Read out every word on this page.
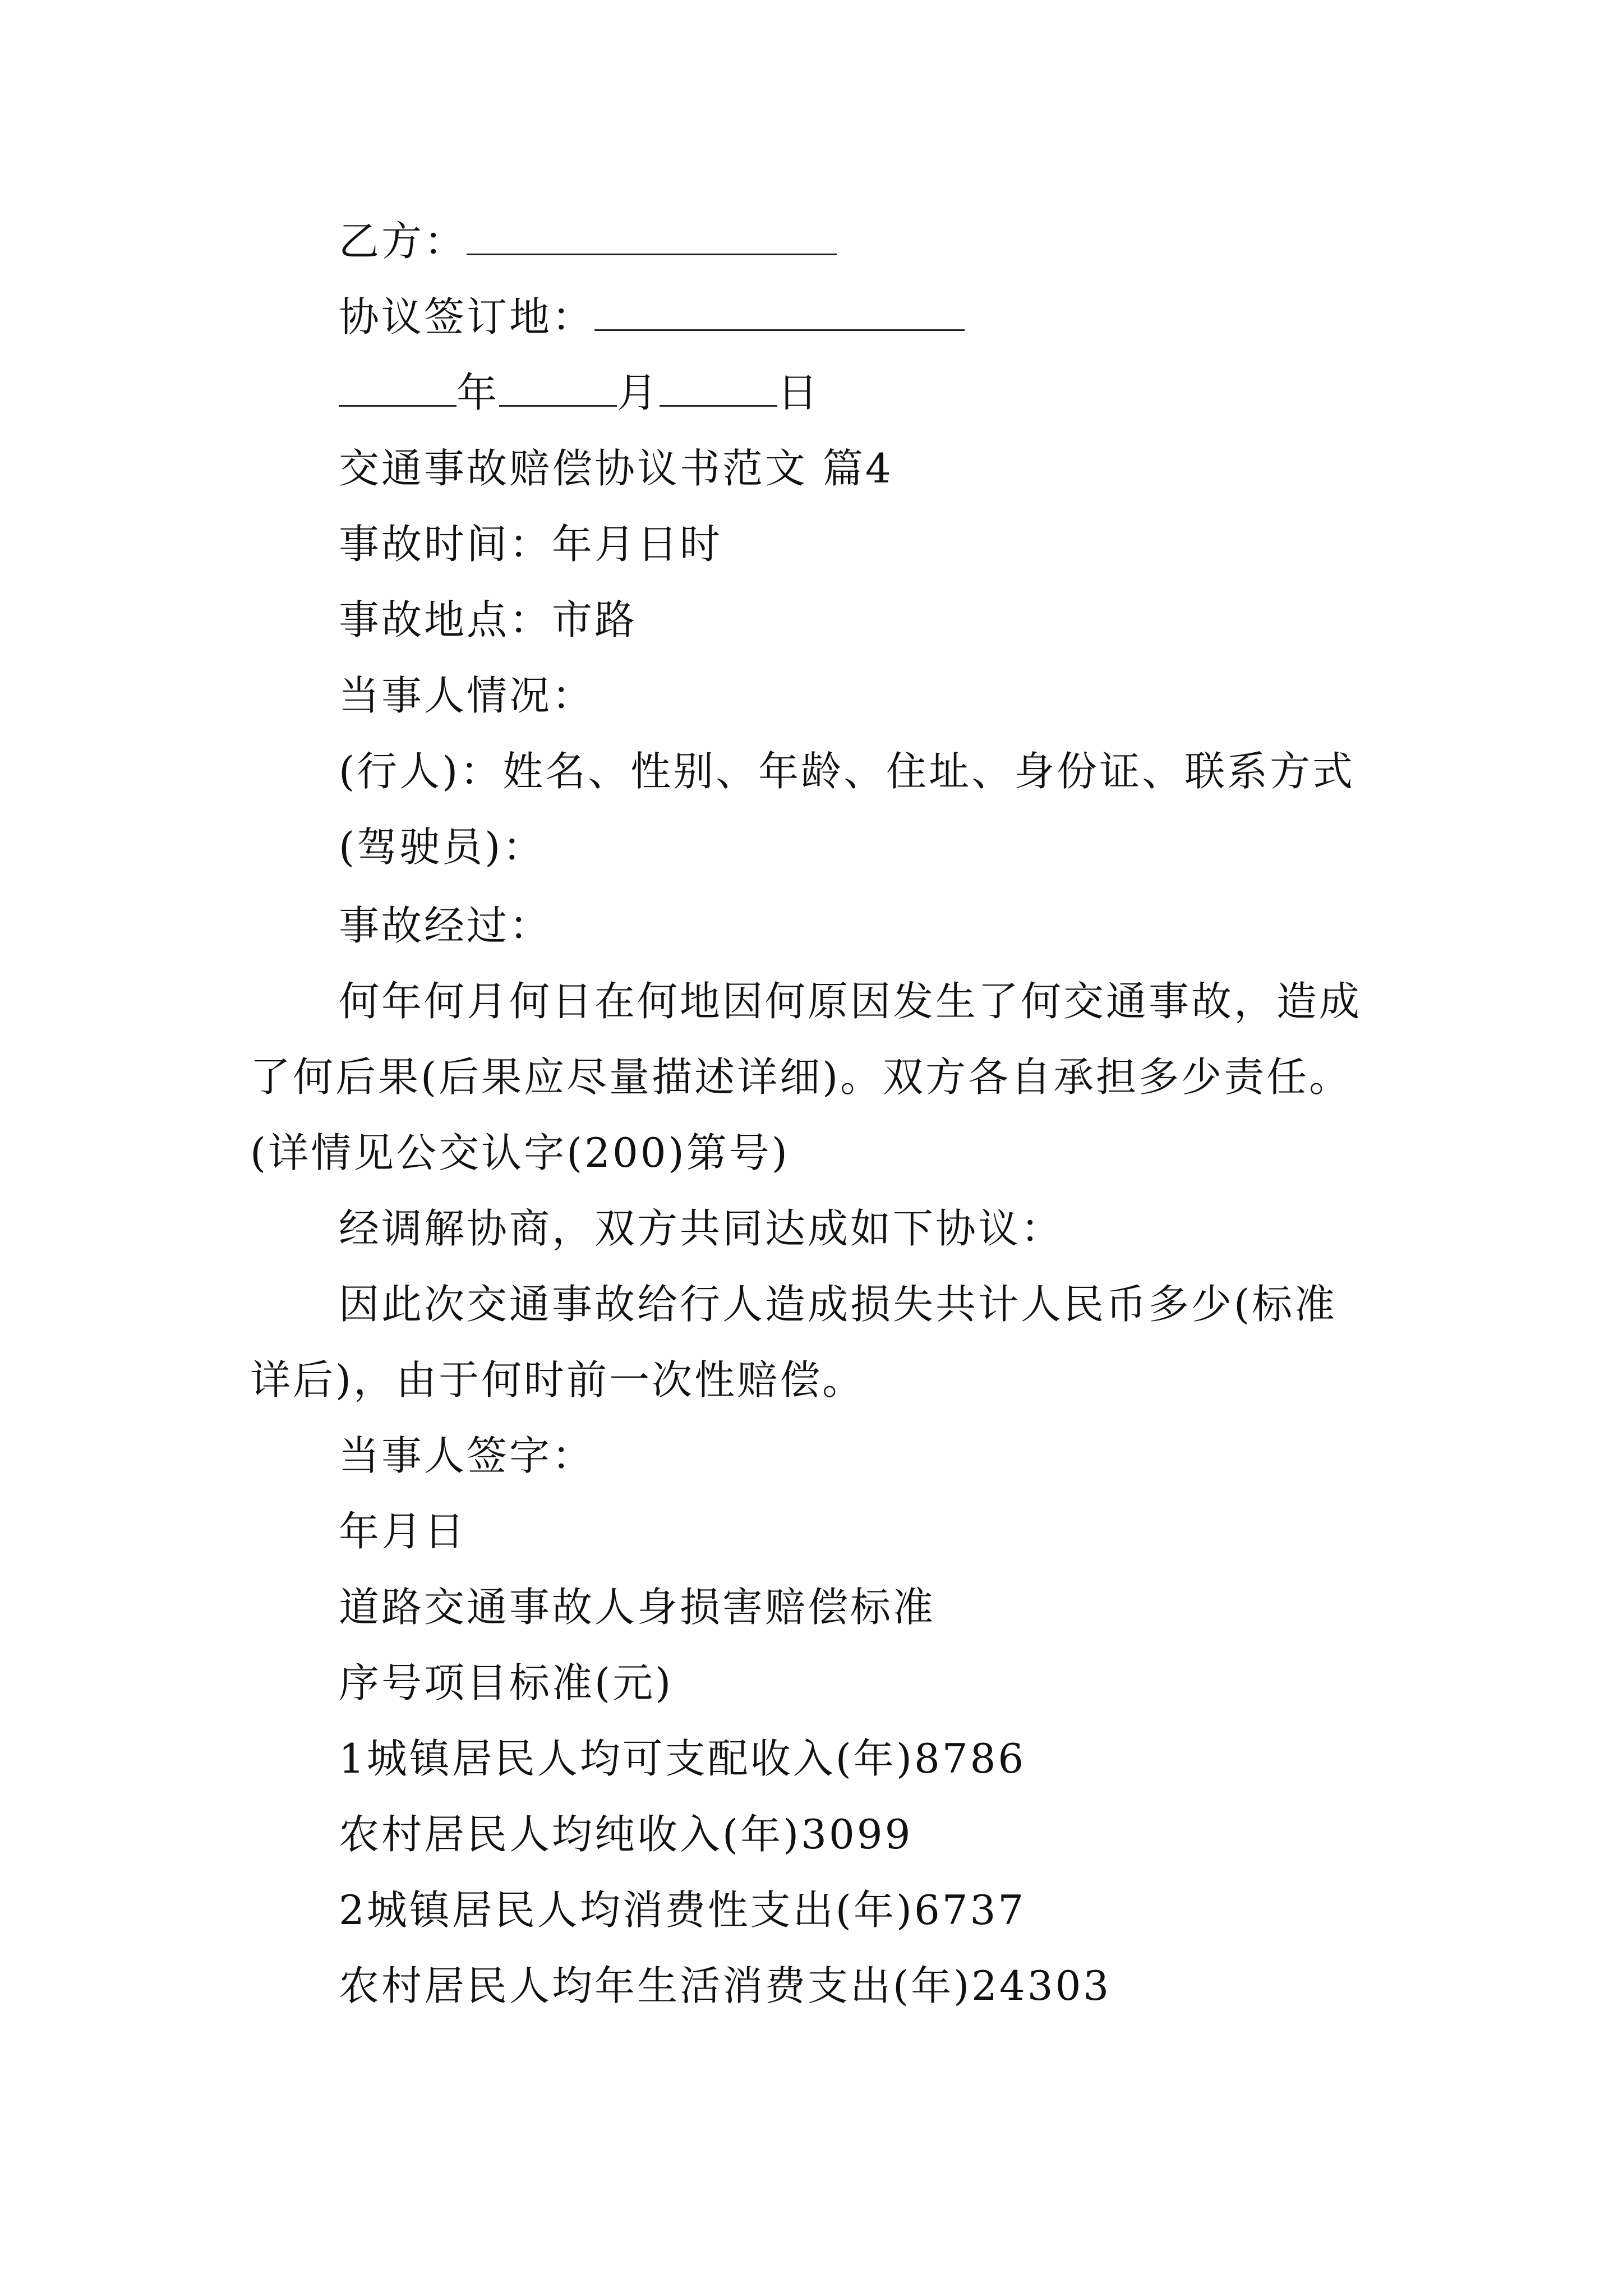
乙方：
协议签订地：
年	月	日
交通事故赔偿协议书范文 篇4
事故时间：年月日时
事故地点：市路
当事人情况：
(行人)：姓名、性别、年龄、住址、身份证、联系方式
(驾驶员)：
事故经过：
何年何月何日在何地因何原因发生了何交通事故，造成
了何后果(后果应尽量描述详细)。双方各自承担多少责任。
(详情见公交认字(200)第号)
经调解协商，双方共同达成如下协议：
因此次交通事故给行人造成损失共计人民币多少(标准
详后)，由于何时前一次性赔偿。
当事人签字：
年月日
道路交通事故人身损害赔偿标准
序号项目标准(元)
1城镇居民人均可支配收入(年)8786
农村居民人均纯收入(年)3099
2城镇居民人均消费性支出(年)6737
农村居民人均年生活消费支出(年)24303
